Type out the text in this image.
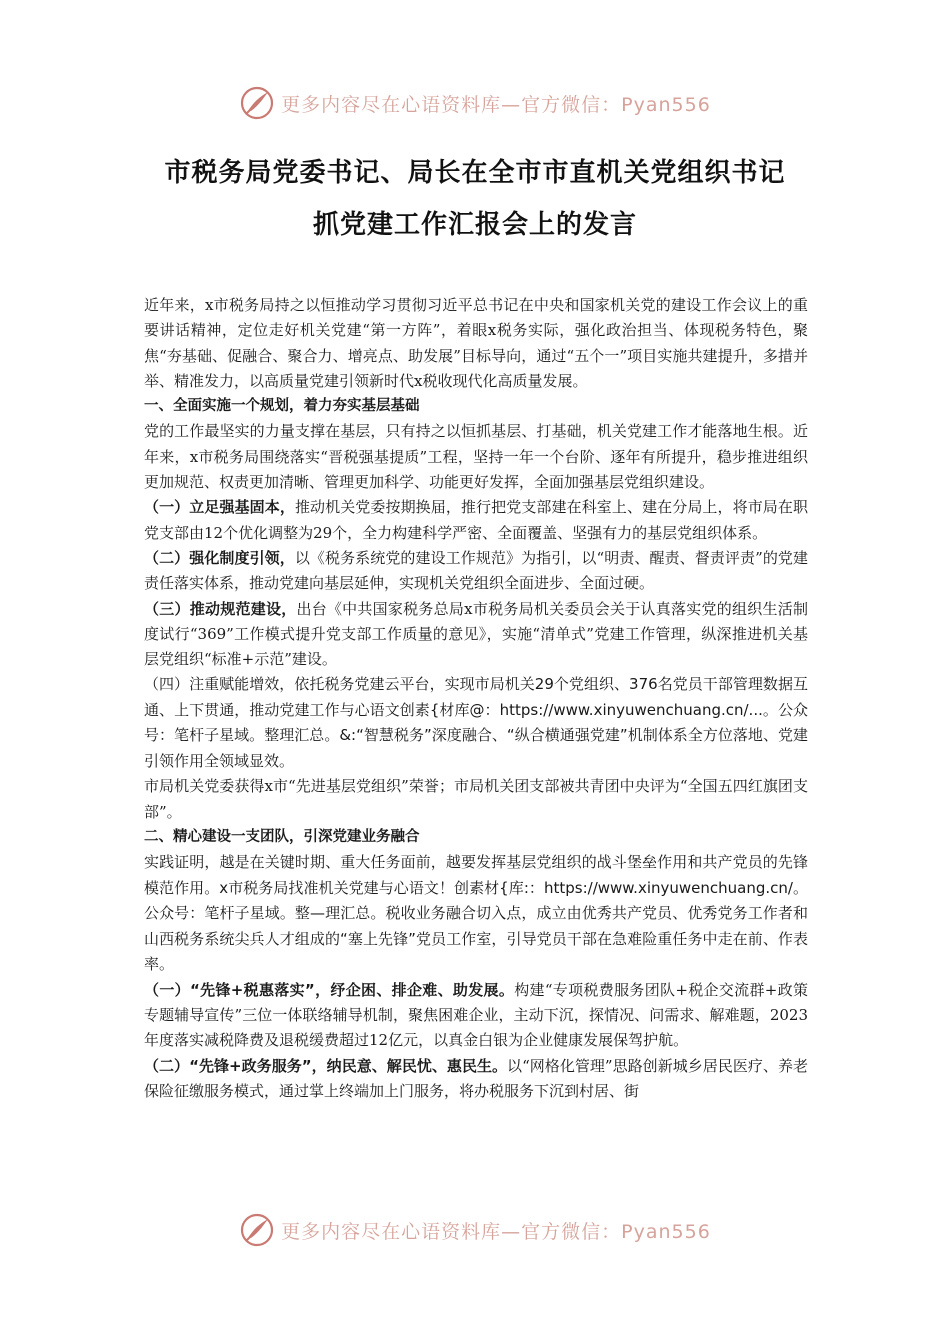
更多内容尽在心语资料库—官方微信：Pyan556
市税务局党委书记、局长在全市市直机关党组织书记
抓党建工作汇报会上的发言

近年来，x市税务局持之以恒推动学习贯彻习近平总书记在中央和国家机关党的建设工作会议上的重要讲话精神，定位走好机关党建“第一方阵”，着眼x税务实际，强化政治担当、体现税务特色，聚焦“夯基础、促融合、聚合力、增亮点、助发展”目标导向，通过“五个一”项目实施共建提升，多措并举、精准发力，以高质量党建引领新时代x税收现代化高质量发展。

一、全面实施一个规划，着力夯实基层基础

党的工作最坚实的力量支撑在基层，只有持之以恒抓基层、打基础，机关党建工作才能落地生根。近年来，x市税务局围绕落实“晋税强基提质”工程，坚持一年一个台阶、逐年有所提升，稳步推进组织更加规范、权责更加清晰、管理更加科学、功能更好发挥，全面加强基层党组织建设。

（一）立足强基固本，推动机关党委按期换届，推行把党支部建在科室上、建在分局上，将市局在职党支部由12个优化调整为29个，全力构建科学严密、全面覆盖、坚强有力的基层党组织体系。

（二）强化制度引领，以《税务系统党的建设工作规范》为指引，以“明责、醒责、督责评责”的党建责任落实体系，推动党建向基层延伸，实现机关党组织全面进步、全面过硬。

（三）推动规范建设，出台《中共国家税务总局x市税务局机关委员会关于认真落实党的组织生活制度试行“369”工作模式提升党支部工作质量的意见》，实施“清单式”党建工作管理，纵深推进机关基层党组织“标准+示范”建设。

（四）注重赋能增效，依托税务党建云平台，实现市局机关29个党组织、376名党员干部管理数据互通、上下贯通，推动党建工作与心语文创素{材库@：https://www.xinyuwenchuang.cn/...。公众号：笔杆子星域。整理汇总。&:“智慧税务”深度融合、“纵合横通强党建”机制体系全方位落地、党建引领作用全领域显效。

市局机关党委获得x市“先进基层党组织”荣誉；市局机关团支部被共青团中央评为“全国五四红旗团支部”。

二、精心建设一支团队，引深党建业务融合

实践证明，越是在关键时期、重大任务面前，越要发挥基层党组织的战斗堡垒作用和共产党员的先锋模范作用。x市税务局找准机关党建与心语文！创素材{库:：https://www.xinyuwenchuang.cn/。公众号：笔杆子星域。整—理汇总。税收业务融合切入点，成立由优秀共产党员、优秀党务工作者和山西税务系统尖兵人才组成的“塞上先锋”党员工作室，引导党员干部在急难险重任务中走在前、作表率。

（一）“先锋+税惠落实”，纾企困、排企难、助发展。构建“专项税费服务团队+税企交流群+政策专题辅导宣传”三位一体联络辅导机制，聚焦困难企业，主动下沉，探情况、问需求、解难题，2023年度落实减税降费及退税缓费超过12亿元，以真金白银为企业健康发展保驾护航。

（二）“先锋+政务服务”，纳民意、解民忧、惠民生。以“网格化管理”思路创新城乡居民医疗、养老保险征缴服务模式，通过掌上终端加上门服务，将办税服务下沉到村居、街

更多内容尽在心语资料库—官方微信：Pyan556
